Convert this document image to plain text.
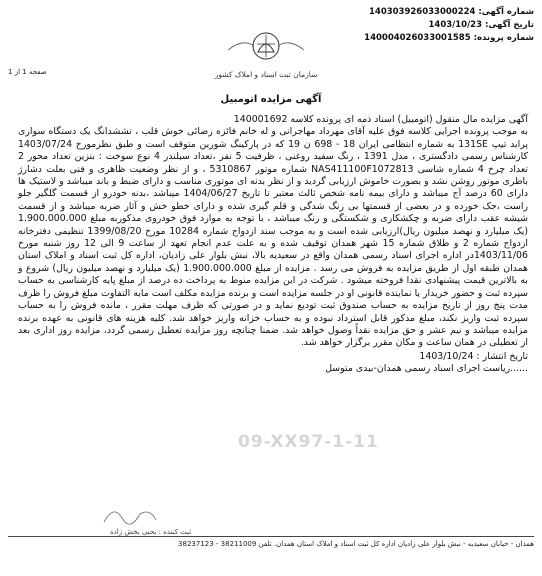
شماره آگهی: 140303926033000224
تاریخ آگهی: 1403/10/23
شماره پرونده: 140004026033001585
سازمان ثبت اسناد و املاک کشور
صفحه 1 از 1
آگهی مزایده اتومبیل

آگهی مزایده مال منقول (اتومبیل) اسناد ذمه ای پرونده کلاسه 140001692

به موجب پرونده اجرایی کلاسه فوق علیه آقای مهرداد مهاجرانی و له خانم فائزه رضائی خوش قلب ، تششدانگ یک دستگاه سواری پراید تیپ 131SE به شماره انتظامی ایران 18 - 698 ن 19 که در پارکینگ شورین متوقف است و طبق نظرمورخ 1403/07/24 کارشناس رسمی دادگستری ، مدل 1391 ، رنگ سفید روغنی ، ظرفیت 5 نفر ،تعداد سیلندر 4 نوع سوخت : بنزین تعداد محور 2 تعداد چرخ 4 شماره شاسی NAS411100F1072813 شماره موتور 5310867 ، و از نظر وضعیت ظاهری و فنی بعلت دشارژ باطری موتور روشن نشد و بصورت خاموش ارزیابی گردید و از نظر بدنه ای موتوری مناسب و دارای ضبط و باند میباشد و لاستیک ها دارای 60 درصد آج میباشد و دارای بیمه نامه شخص ثالث معتبر تا تاریخ 1404/06/27 میباشد ،بدنه خودرو از قسمت گلگیر جلو راست ،جک خورده و در بعضی از قسمتها بی رنگ شدگی و قلم گیری شده و دارای خطو خش و آثار ضربه میباشد و از قسمت شیشه عقب دارای ضربه و چکشکاری و شکستگی و رنگ میباشد ، با توجه به موارد فوق خودروی مذکوربه مبلغ 1.900.000.000 (یک میلیارد و نهصد میلیون ریال)ارزیابی شده است و به موجب سند ازدواج شماره 10284 مورخ 1399/08/20 تنظیمی دفترخانه ازدواج شماره 2 و طلاق شماره 15 شهر همدان توقیف شده و به علت عدم انجام تعهد از ساعت 9 الی 12 روز شنبه مورخ 1403/11/06در اداره اجرای اسناد رسمی همدان واقع در سعیدیه بالا، نبش بلوار علی زادیان، اداره کل ثبت اسناد و املاک استان همدان طبقه اول از طریق مزایده به فروش می رسد . مزایده از مبلغ 1.900.000.000 (یک میلیارد و نهصد میلیون ریال) شروع و به بالاترین قیمت پیشنهادی نقدا فروخته میشود . شرکت در این مزایده منوط به پرداخت ده درصد از مبلغ پایه کارشناسی به حساب سپرده ثبت و حضور خریدار یا نماینده قانونی او در جلسه مزایده است و برنده مزایده مکلف است مابه التفاوت مبلغ فروش را ظرف مدت پنج روز از تاریخ مزایده به حساب صندوق ثبت تودیع نماید و در صورتی که ظرف مهلت مقرر ، مانده فروش را به حساب سپرده ثبت واریز نکند، مبلغ مذکور قابل استرداد نبوده و به حساب خزانه واریز خواهد شد. کلیه هزینه های قانونی به عهده برنده مزایده میباشد و نیم عشر و حق مزایده نقداً وصول خواهد شد. ضمنا چنانچه روز مزایده تعطیل رسمی گردد، مزایده روز اداری بعد از تعطیلی در همان ساعت و مکان مقرر برگزار خواهد شد.

تاریخ انتشار : 1403/10/24

......ریاست اجرای اسناد رسمی همدان-بیدی متوسل

09-XX97-1-11
ثبت کننده : یحیی بخش زاده
همدان - خیابان سعیدیه - نبش بلوار علی زادیان اداره کل ثبت اسناد و املاک استان همدان. تلفن 38211009 - 38237123
